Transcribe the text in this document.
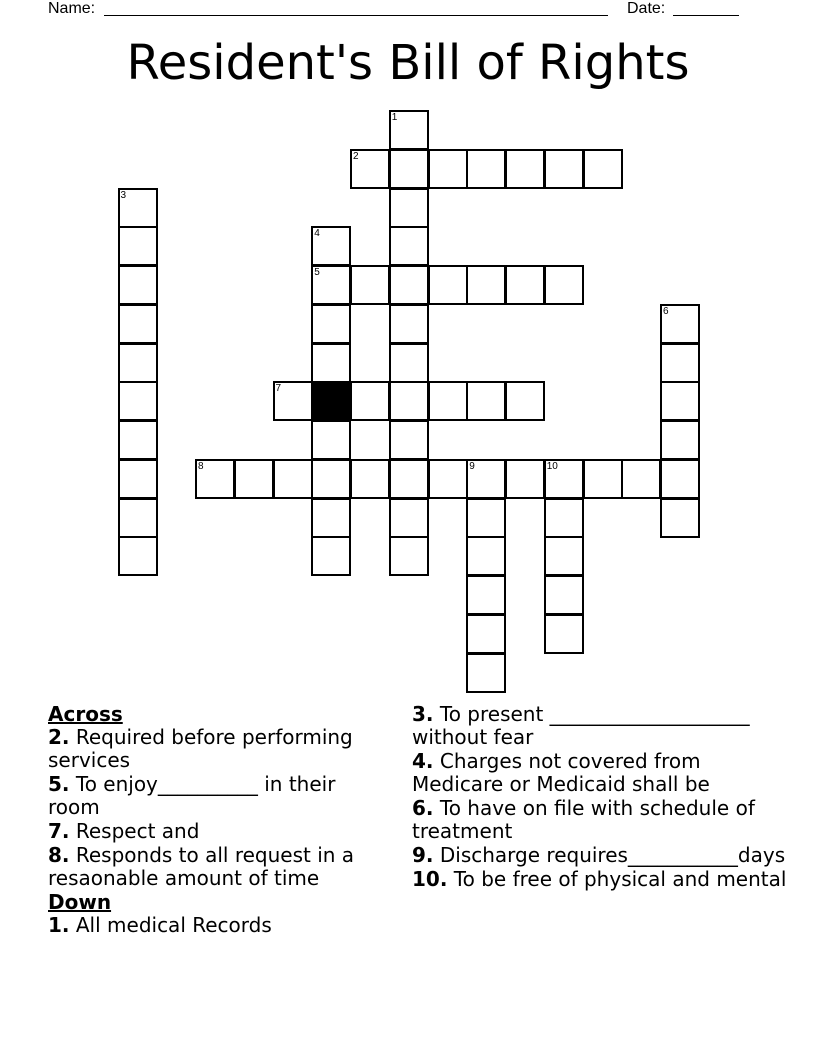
Name:	Date:
Resident's Bill of Rights
1
2
3
4
5
6
7
8	9	10
Across
2. Required before performing services
5. To enjoy__________ in their room
7. Respect and
8. Responds to all request in a resaonable amount of time
Down
1. All medical Records
3. To present ____________________ without fear
4. Charges not covered from Medicare or Medicaid shall be
6. To have on file with schedule of treatment
9. Discharge requires___________days
10. To be free of physical and mental
